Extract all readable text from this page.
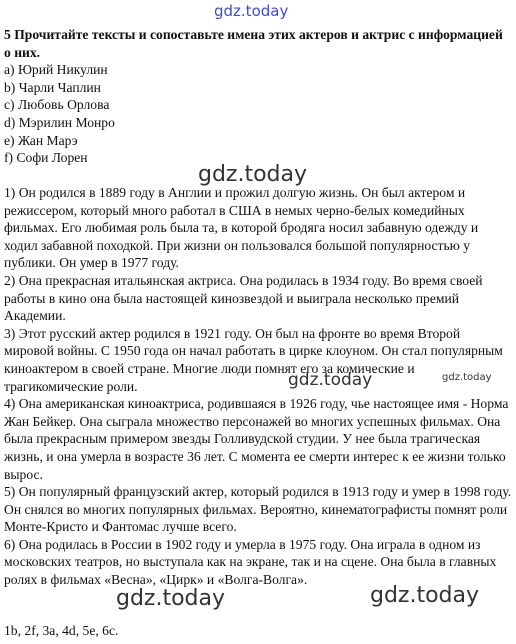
gdz.today
5 Прочитайте тексты и сопоставьте имена этих актеров и актрис с информацией о них.
a) Юрий Никулин
b) Чарли Чаплин
c) Любовь Орлова
d) Мэрилин Монро
e) Жан Марэ
f) Софи Лорен
gdz.today

1) Он родился в 1889 году в Англии и прожил долгую жизнь. Он был актером и режиссером, который много работал в США в немых черно-белых комедийных фильмах. Его любимая роль была та, в которой бродяга носил забавную одежду и ходил забавной походкой. При жизни он пользовался большой популярностью у публики. Он умер в 1977 году.

2) Она прекрасная итальянская актриса. Она родилась в 1934 году. Во время своей работы в кино она была настоящей кинозвездой и выиграла несколько премий Академии.

3) Этот русский актер родился в 1921 году. Он был на фронте во время Второй мировой войны. С 1950 года он начал работать в цирке клоуном. Он стал популярным киноактером в своей стране. Многие люди помнят его за комические и трагикомические роли.

4) Она американская киноактриса, родившаяся в 1926 году, чье настоящее имя - Норма Жан Бейкер. Она сыграла множество персонажей во многих успешных фильмах. Она была прекрасным примером звезды Голливудской студии. У нее была трагическая жизнь, и она умерла в возрасте 36 лет. С момента ее смерти интерес к ее жизни только вырос.

5) Он популярный французский актер, который родился в 1913 году и умер в 1998 году. Он снялся во многих популярных фильмах. Вероятно, кинематографисты помнят роли Монте-Кристо и Фантомас лучше всего.

6) Она родилась в России в 1902 году и умерла в 1975 году. Она играла в одном из московских театров, но выступала как на экране, так и на сцене. Она была в главных ролях в фильмах «Весна», «Цирк» и «Волга-Волга».

gdz.today	gdz.today
gdz.today	gdz.today
1b, 2f, 3a, 4d, 5e, 6c.
